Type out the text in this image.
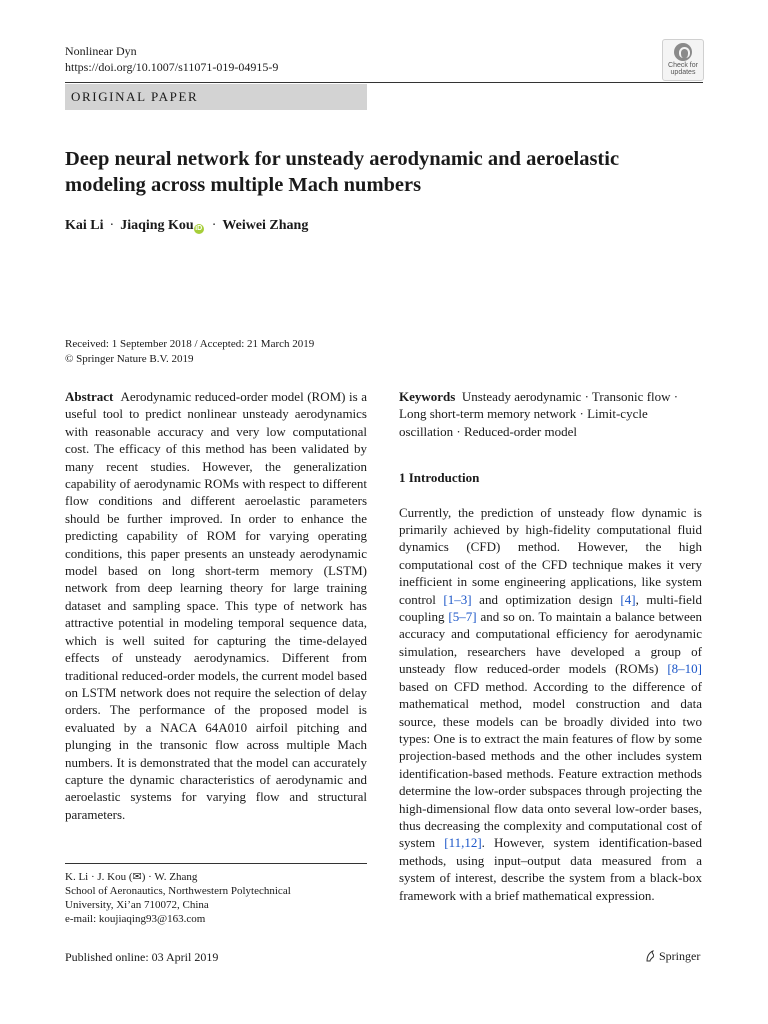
Nonlinear Dyn
https://doi.org/10.1007/s11071-019-04915-9	Check for
updates
ORIGINAL PAPER
Deep neural network for unsteady aerodynamic and aeroelastic modeling across multiple Mach numbers
Kai Li · Jiaqing Kou iD · Weiwei Zhang
Received: 1 September 2018 / Accepted: 21 March 2019
© Springer Nature B.V. 2019
Abstract Aerodynamic reduced-order model (ROM) is a useful tool to predict nonlinear unsteady aerodynamics with reasonable accuracy and very low computational cost. The efficacy of this method has been validated by many recent studies. However, the generalization capability of aerodynamic ROMs with respect to different flow conditions and different aeroelastic parameters should be further improved. In order to enhance the predicting capability of ROM for varying operating conditions, this paper presents an unsteady aerodynamic model based on long short-term memory (LSTM) network from deep learning theory for large training dataset and sampling space. This type of network has attractive potential in modeling temporal sequence data, which is well suited for capturing the time-delayed effects of unsteady aerodynamics. Different from traditional reduced-order models, the current model based on LSTM network does not require the selection of delay orders. The performance of the proposed model is evaluated by a NACA 64A010 airfoil pitching and plunging in the transonic flow across multiple Mach numbers. It is demonstrated that the model can accurately capture the dynamic characteristics of aerodynamic and aeroelastic systems for varying flow and structural parameters.
Keywords Unsteady aerodynamic · Transonic flow · Long short-term memory network · Limit-cycle oscillation · Reduced-order model
1 Introduction
Currently, the prediction of unsteady flow dynamic is primarily achieved by high-fidelity computational fluid dynamics (CFD) method. However, the high computational cost of the CFD technique makes it very inefficient in some engineering applications, like system control [1–3] and optimization design [4], multi-field coupling [5–7] and so on. To maintain a balance between accuracy and computational efficiency for aerodynamic simulation, researchers have developed a group of unsteady flow reduced-order models (ROMs) [8–10] based on CFD method. According to the difference of mathematical method, model construction and data source, these models can be broadly divided into two types: One is to extract the main features of flow by some projection-based methods and the other includes system identification-based methods. Feature extraction methods determine the low-order subspaces through projecting the high-dimensional flow data onto several low-order bases, thus decreasing the complexity and computational cost of system [11,12]. However, system identification-based methods, using input–output data measured from a system of interest, describe the system from a black-box framework with a brief mathematical expression.
K. Li · J. Kou (✉) · W. Zhang
School of Aeronautics, Northwestern Polytechnical
University, Xi’an 710072, China
e-mail: koujiaqing93@163.com
Published online: 03 April 2019	Springer
